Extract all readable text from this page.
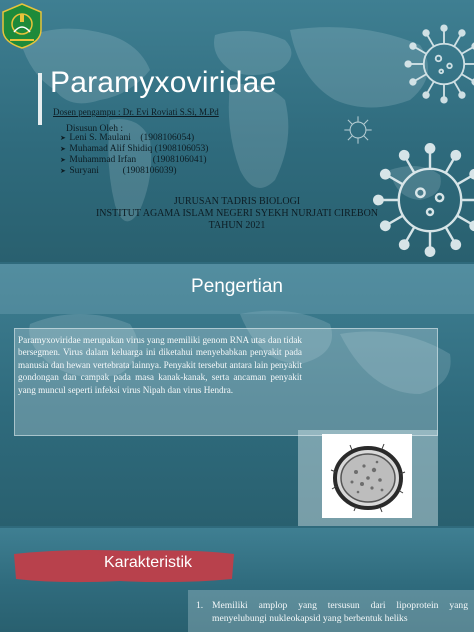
Paramyxoviridae
Dosen pengampu : Dr. Evi Roviati S.Si, M.Pd
Disusun Oleh :
➤ Leni S. Maulani    (1908106054)
➤ Muhamad Alif Shidiq (1908106053)
➤ Muhammad Irfan       (1908106041)
➤ Suryani          (1908106039)
JURUSAN TADRIS BIOLOGI
INSTITUT AGAMA ISLAM NEGERI SYEKH NURJATI CIREBON
TAHUN 2021
Pengertian
Paramyxoviridae merupakan virus yang memiliki genom RNA utas dan tidak bersegmen. Virus dalam keluarga ini diketahui menyebabkan penyakit pada manusia dan hewan vertebrata lainnya. Penyakit tersebut antara lain penyakit gondongan dan campak pada masa kanak-kanak, serta ancaman penyakit yang muncul seperti infeksi virus Nipah dan virus Hendra.
Karakteristik
1. Memiliki amplop yang tersusun dari lipoprotein yang menyelubungi nukleokapsid yang berbentuk heliks
